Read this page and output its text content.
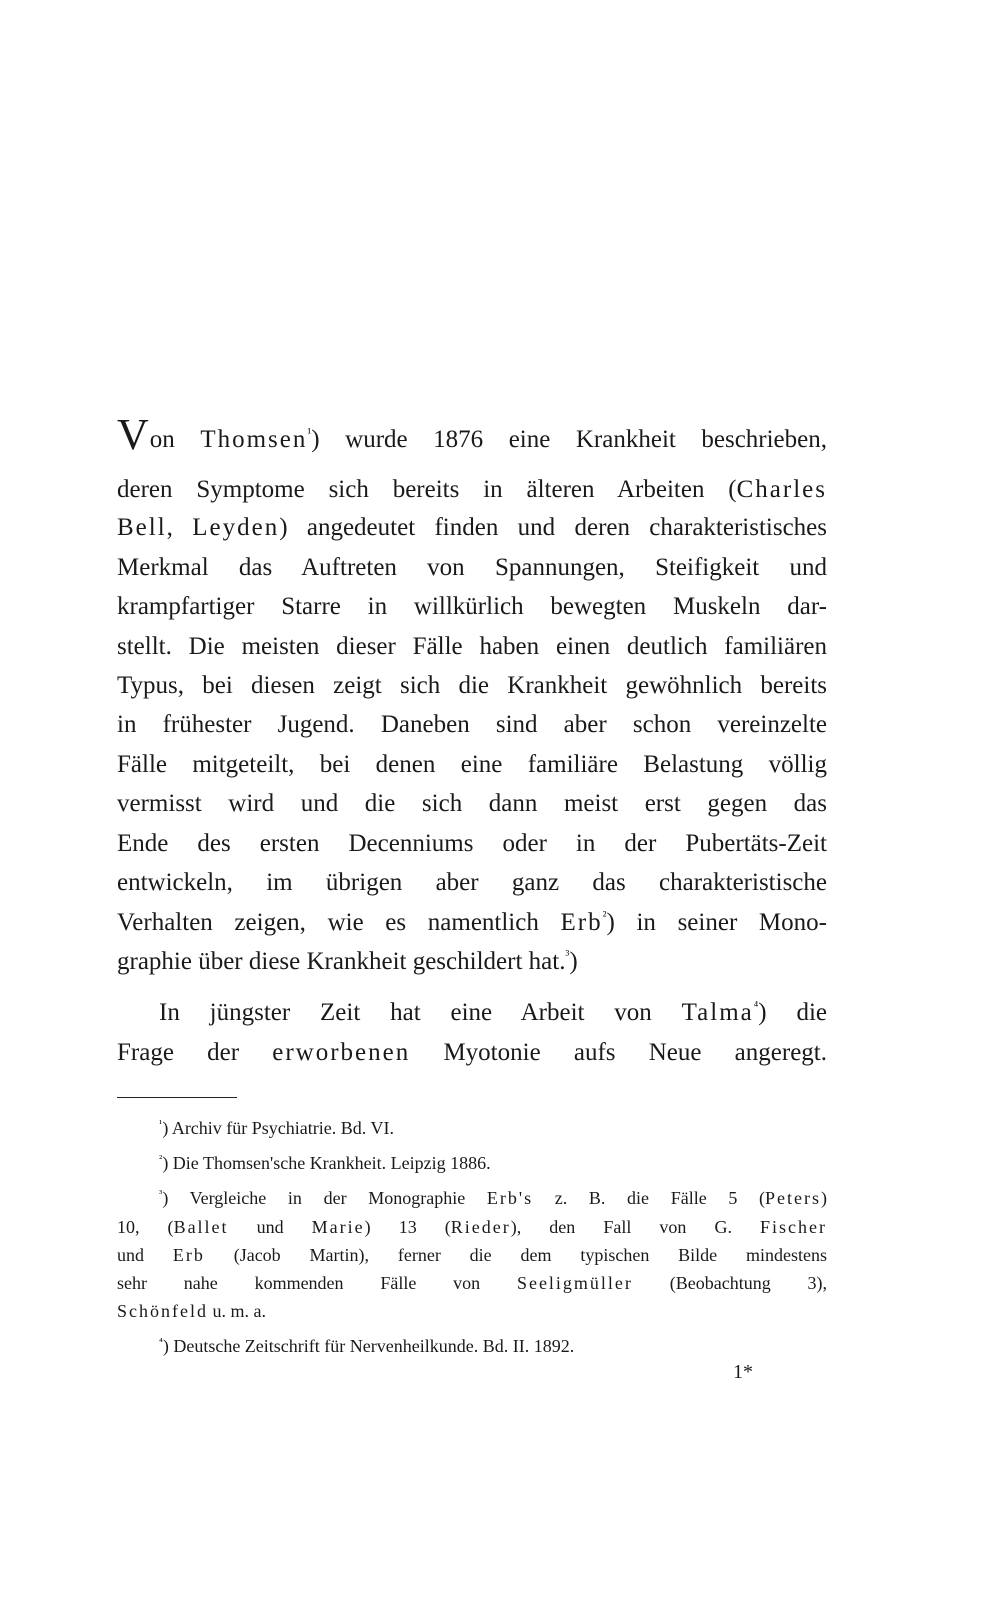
Von Thomsen$^{^1}$) wurde 1876 eine Krankheit beschrieben,
deren Symptome sich bereits in älteren Arbeiten (Charles
Bell, Leyden) angedeutet finden und deren charakteristisches
Merkmal das Auftreten von Spannungen, Steifigkeit und
krampfartiger Starre in willkürlich bewegten Muskeln dar-
stellt. Die meisten dieser Fälle haben einen deutlich familiären
Typus, bei diesen zeigt sich die Krankheit gewöhnlich bereits
in frühester Jugend. Daneben sind aber schon vereinzelte
Fälle mitgeteilt, bei denen eine familiäre Belastung völlig
vermisst wird und die sich dann meist erst gegen das
Ende des ersten Decenniums oder in der Pubertäts-Zeit
entwickeln, im übrigen aber ganz das charakteristische
Verhalten zeigen, wie es namentlich Erb$^{^2}$) in seiner Mono-
graphie über diese Krankheit geschildert hat.$^{^3}$)
In jüngster Zeit hat eine Arbeit von Talma$^{^4}$) die
Frage der erworbenen Myotonie aufs Neue angeregt.
$^{^1}$) Archiv für Psychiatrie. Bd. VI.
$^{^2}$) Die Thomsen'sche Krankheit. Leipzig 1886.
$^{^3}$) Vergleiche in der Monographie Erb's z. B. die Fälle 5 (Peters)
10, (Ballet und Marie) 13 (Rieder), den Fall von G. Fischer
und Erb (Jacob Martin), ferner die dem typischen Bilde mindestens
sehr nahe kommenden Fälle von Seeligmüller (Beobachtung 3),
Schönfeld u. m. a.
$^{^4}$) Deutsche Zeitschrift für Nervenheilkunde. Bd. II. 1892.
1*
